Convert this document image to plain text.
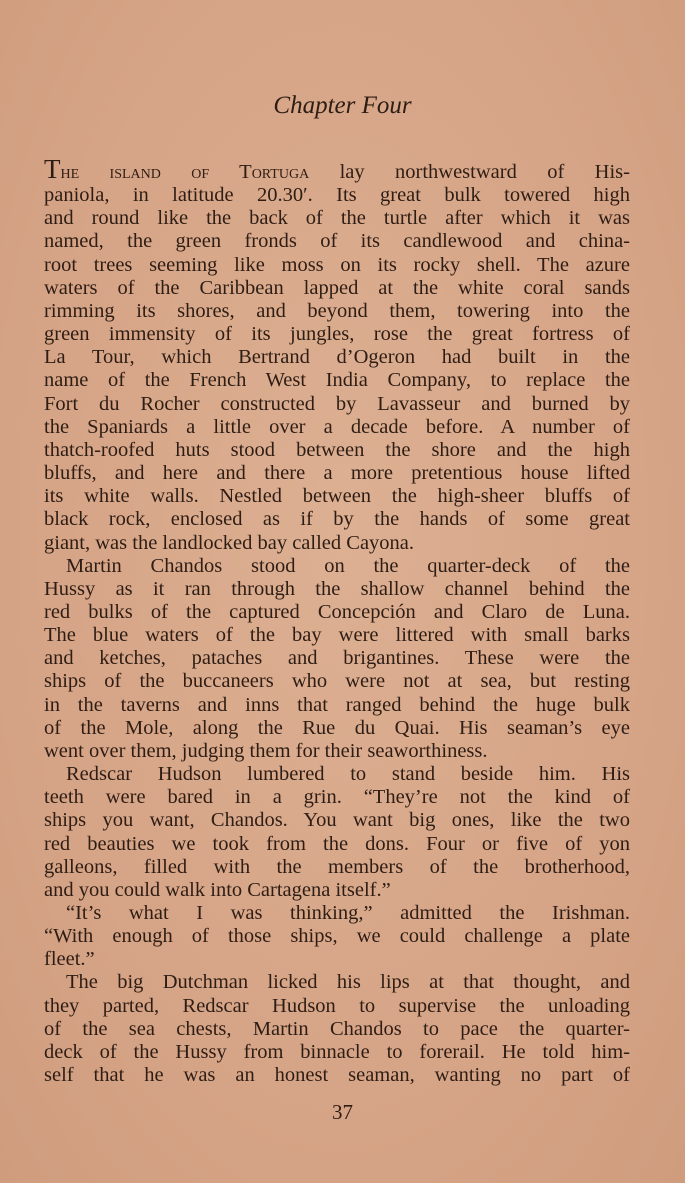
Chapter Four
The island of Tortuga lay northwestward of His-
paniola, in latitude 20.30′. Its great bulk towered high
and round like the back of the turtle after which it was
named, the green fronds of its candlewood and china-
root trees seeming like moss on its rocky shell. The azure
waters of the Caribbean lapped at the white coral sands
rimming its shores, and beyond them, towering into the
green immensity of its jungles, rose the great fortress of
La Tour, which Bertrand d’Ogeron had built in the
name of the French West India Company, to replace the
Fort du Rocher constructed by Lavasseur and burned by
the Spaniards a little over a decade before. A number of
thatch-roofed huts stood between the shore and the high
bluffs, and here and there a more pretentious house lifted
its white walls. Nestled between the high-sheer bluffs of
black rock, enclosed as if by the hands of some great
giant, was the landlocked bay called Cayona.
Martin Chandos stood on the quarter-deck of the
Hussy as it ran through the shallow channel behind the
red bulks of the captured Concepción and Claro de Luna.
The blue waters of the bay were littered with small barks
and ketches, pataches and brigantines. These were the
ships of the buccaneers who were not at sea, but resting
in the taverns and inns that ranged behind the huge bulk
of the Mole, along the Rue du Quai. His seaman’s eye
went over them, judging them for their seaworthiness.
Redscar Hudson lumbered to stand beside him. His
teeth were bared in a grin. “They’re not the kind of
ships you want, Chandos. You want big ones, like the two
red beauties we took from the dons. Four or five of yon
galleons, filled with the members of the brotherhood,
and you could walk into Cartagena itself.”
“It’s what I was thinking,” admitted the Irishman.
“With enough of those ships, we could challenge a plate
fleet.”
The big Dutchman licked his lips at that thought, and
they parted, Redscar Hudson to supervise the unloading
of the sea chests, Martin Chandos to pace the quarter-
deck of the Hussy from binnacle to forerail. He told him-
self that he was an honest seaman, wanting no part of
37
